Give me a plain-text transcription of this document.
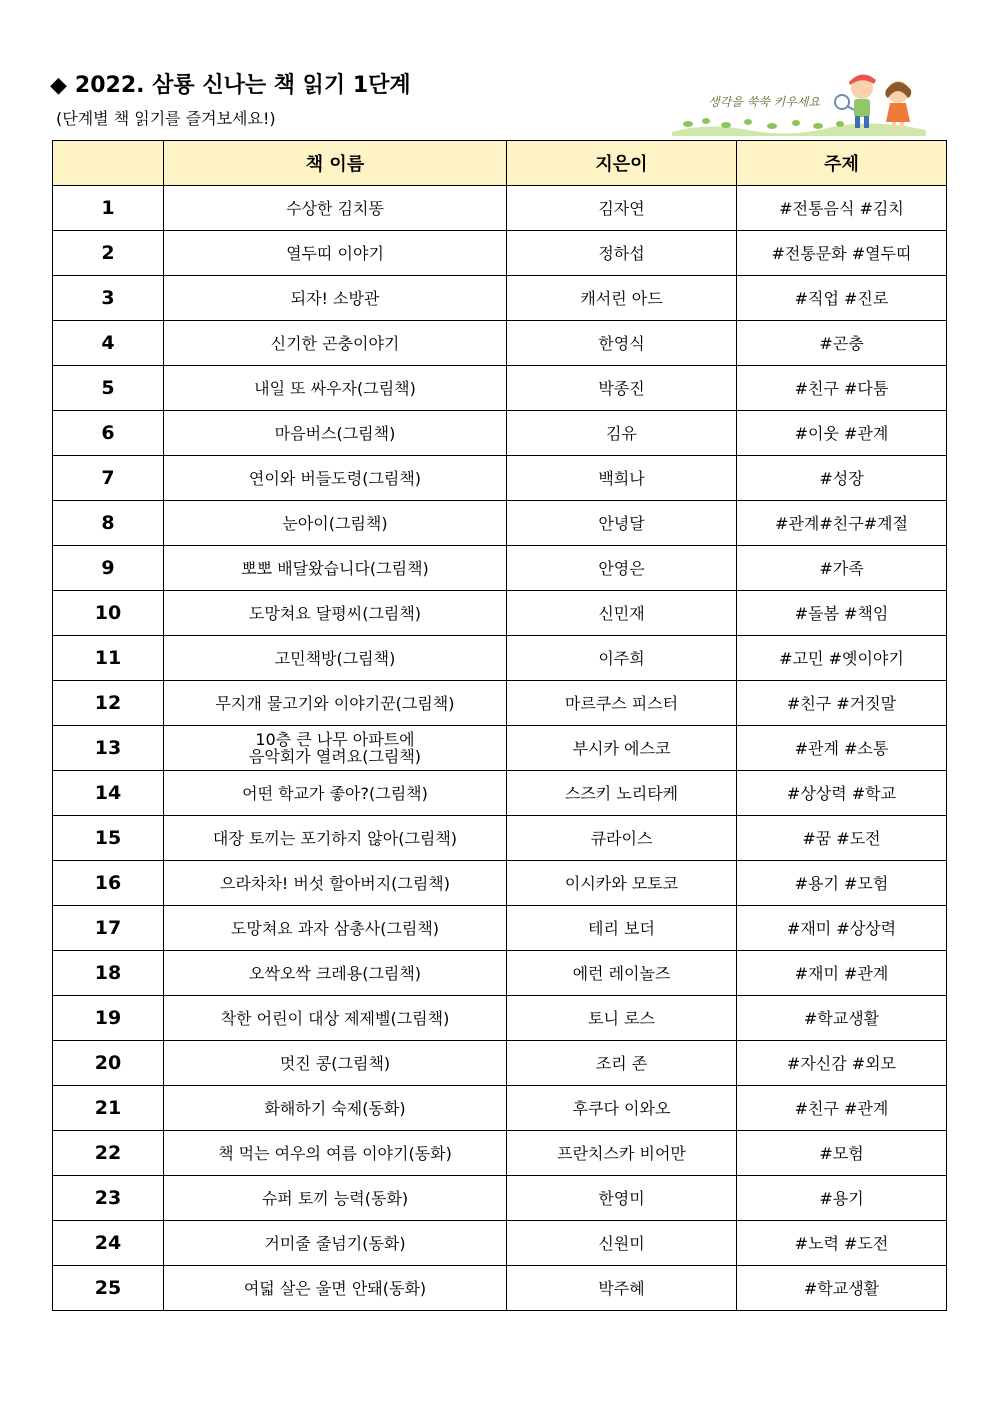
◆ 2022. 삼룡 신나는 책 읽기 1단계
(단계별 책 읽기를 즐겨보세요!)
생각을 쑥쑥 키우세요
	책 이름	지은이	주제
1	수상한 김치똥	김자연	#전통음식 #김치
2	열두띠 이야기	정하섭	#전통문화 #열두띠
3	되자! 소방관	캐서린 아드	#직업 #진로
4	신기한 곤충이야기	한영식	#곤충
5	내일 또 싸우자(그림책)	박종진	#친구 #다툼
6	마음버스(그림책)	김유	#이웃 #관계
7	연이와 버들도령(그림책)	백희나	#성장
8	눈아이(그림책)	안녕달	#관계#친구#계절
9	뽀뽀 배달왔습니다(그림책)	안영은	#가족
10	도망쳐요 달평씨(그림책)	신민재	#돌봄 #책임
11	고민책방(그림책)	이주희	#고민 #옛이야기
12	무지개 물고기와 이야기꾼(그림책)	마르쿠스 피스터	#친구 #거짓말
13	10층 큰 나무 아파트에
음악회가 열려요(그림책)	부시카 에스코	#관계 #소통
14	어떤 학교가 좋아?(그림책)	스즈키 노리타케	#상상력 #학교
15	대장 토끼는 포기하지 않아(그림책)	큐라이스	#꿈 #도전
16	으라차차! 버섯 할아버지(그림책)	이시카와 모토코	#용기 #모험
17	도망쳐요 과자 삼총사(그림책)	테리 보더	#재미 #상상력
18	오싹오싹 크레용(그림책)	에런 레이놀즈	#재미 #관계
19	착한 어린이 대상 제제벨(그림책)	토니 로스	#학교생활
20	멋진 콩(그림책)	조리 존	#자신감 #외모
21	화해하기 숙제(동화)	후쿠다 이와오	#친구 #관계
22	책 먹는 여우의 여름 이야기(동화)	프란치스카 비어만	#모험
23	슈퍼 토끼 능력(동화)	한영미	#용기
24	거미줄 줄넘기(동화)	신원미	#노력 #도전
25	여덟 살은 울면 안돼(동화)	박주혜	#학교생활
